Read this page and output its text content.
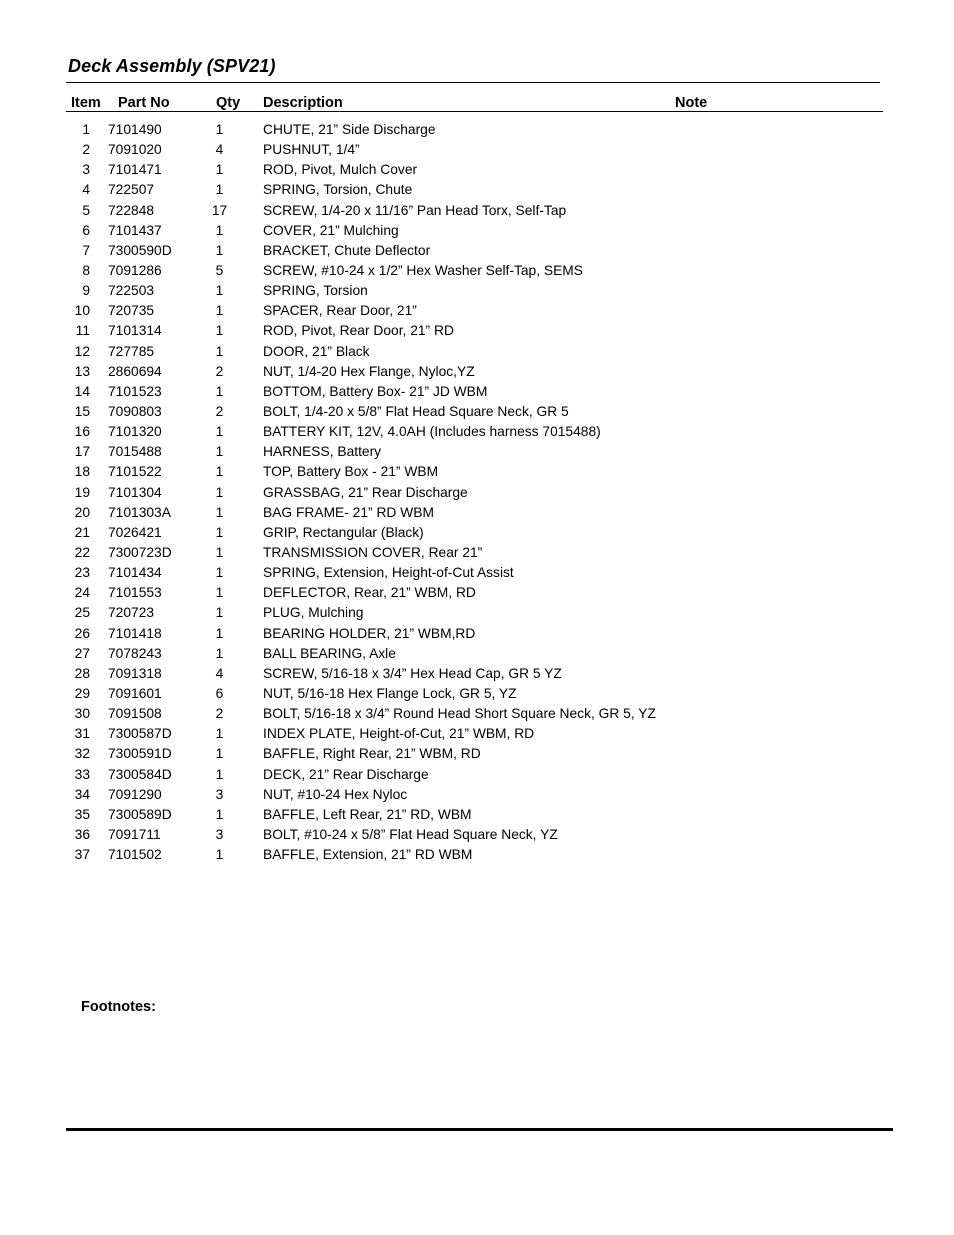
Deck Assembly (SPV21)
Item Part No	Qty Description	Note
1 7101490	1	CHUTE, 21” Side Discharge
2 7091020	4	PUSHNUT, 1/4”
3 7101471	1	ROD, Pivot, Mulch Cover
4 722507	1	SPRING, Torsion, Chute
5 722848	17	SCREW, 1/4-20 x 11/16” Pan Head Torx, Self-Tap
6 7101437	1	COVER, 21” Mulching
7 7300590D	1	BRACKET, Chute Deflector
8 7091286	5	SCREW, #10-24 x 1/2” Hex Washer Self-Tap, SEMS
9 722503	1	SPRING, Torsion
10 720735	1	SPACER, Rear Door, 21”
11 7101314	1	ROD, Pivot, Rear Door, 21” RD
12 727785	1	DOOR, 21” Black
13 2860694	2	NUT, 1/4-20 Hex Flange, Nyloc,YZ
14 7101523	1	BOTTOM, Battery Box- 21” JD WBM
15 7090803	2	BOLT, 1/4-20 x 5/8” Flat Head Square Neck, GR 5
16 7101320	1	BATTERY KIT, 12V, 4.0AH (Includes harness 7015488)
17 7015488	1	HARNESS, Battery
18 7101522	1	TOP, Battery Box - 21” WBM
19 7101304	1	GRASSBAG, 21” Rear Discharge
20 7101303A	1	BAG FRAME- 21” RD WBM
21 7026421	1	GRIP, Rectangular (Black)
22 7300723D	1	TRANSMISSION COVER, Rear 21”
23 7101434	1	SPRING, Extension, Height-of-Cut Assist
24 7101553	1	DEFLECTOR, Rear, 21” WBM, RD
25 720723	1	PLUG, Mulching
26 7101418	1	BEARING HOLDER, 21” WBM,RD
27 7078243	1	BALL BEARING, Axle
28 7091318	4	SCREW, 5/16-18 x 3/4” Hex Head Cap, GR 5 YZ
29 7091601	6	NUT, 5/16-18 Hex Flange Lock, GR 5, YZ
30 7091508	2	BOLT, 5/16-18 x 3/4” Round Head Short Square Neck, GR 5, YZ
31 7300587D	1	INDEX PLATE, Height-of-Cut, 21” WBM, RD
32 7300591D	1	BAFFLE, Right Rear, 21” WBM, RD
33 7300584D	1	DECK, 21” Rear Discharge
34 7091290	3	NUT, #10-24 Hex Nyloc
35 7300589D	1	BAFFLE, Left Rear, 21” RD, WBM
36 7091711	3	BOLT, #10-24 x 5/8” Flat Head Square Neck, YZ
37 7101502	1	BAFFLE, Extension, 21” RD WBM
Footnotes:
